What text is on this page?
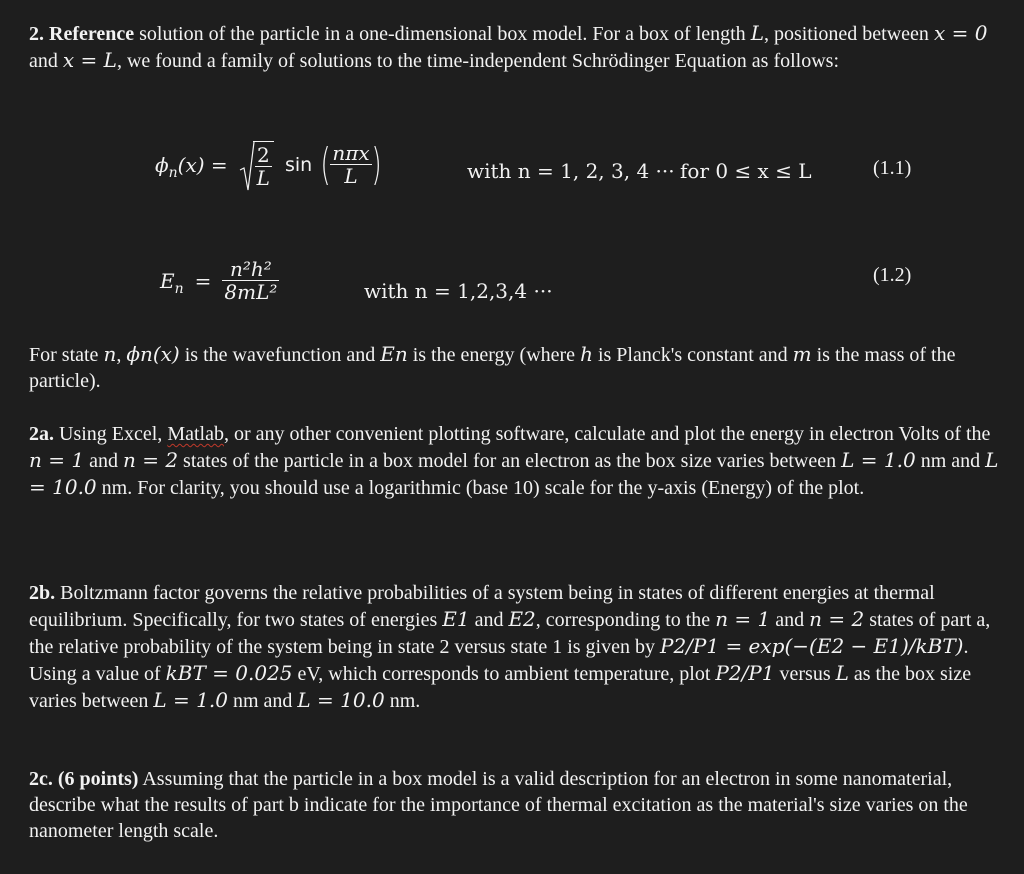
2. Reference solution of the particle in a one-dimensional box model. For a box of length L, positioned between x = 0 and x = L, we found a family of solutions to the time-independent Schrödinger Equation as follows:

$\phi_n(x) = \frac{2}{L}$ sin ( $\frac{\text{nπx}}{L}$ )	with n = 1, 2, 3, 4 ··· for 0 ≤ x ≤ L	(1.1)
$E_n = \frac{\text{n²h²}}{\text{8mL²}}$	with n = 1,2,3,4 ···
(1.2)

For state n, ϕn(x) is the wavefunction and En is the energy (where h is Planck's constant and m is the mass of the particle).

2a. Using Excel, Matlab, or any other convenient plotting software, calculate and plot the energy in electron Volts of the n = 1 and n = 2 states of the particle in a box model for an electron as the box size varies between L = 1.0 nm and L = 10.0 nm. For clarity, you should use a logarithmic (base 10) scale for the y-axis (Energy) of the plot.

2b. Boltzmann factor governs the relative probabilities of a system being in states of different energies at thermal equilibrium. Specifically, for two states of energies E1 and E2, corresponding to the n = 1 and n = 2 states of part a, the relative probability of the system being in state 2 versus state 1 is given by P2/P1 = exp(−(E2 − E1)/kBT). Using a value of kBT = 0.025 eV, which corresponds to ambient temperature, plot P2/P1 versus L as the box size varies between L = 1.0 nm and L = 10.0 nm.

2c. (6 points) Assuming that the particle in a box model is a valid description for an electron in some nanomaterial, describe what the results of part b indicate for the importance of thermal excitation as the material's size varies on the nanometer length scale.
